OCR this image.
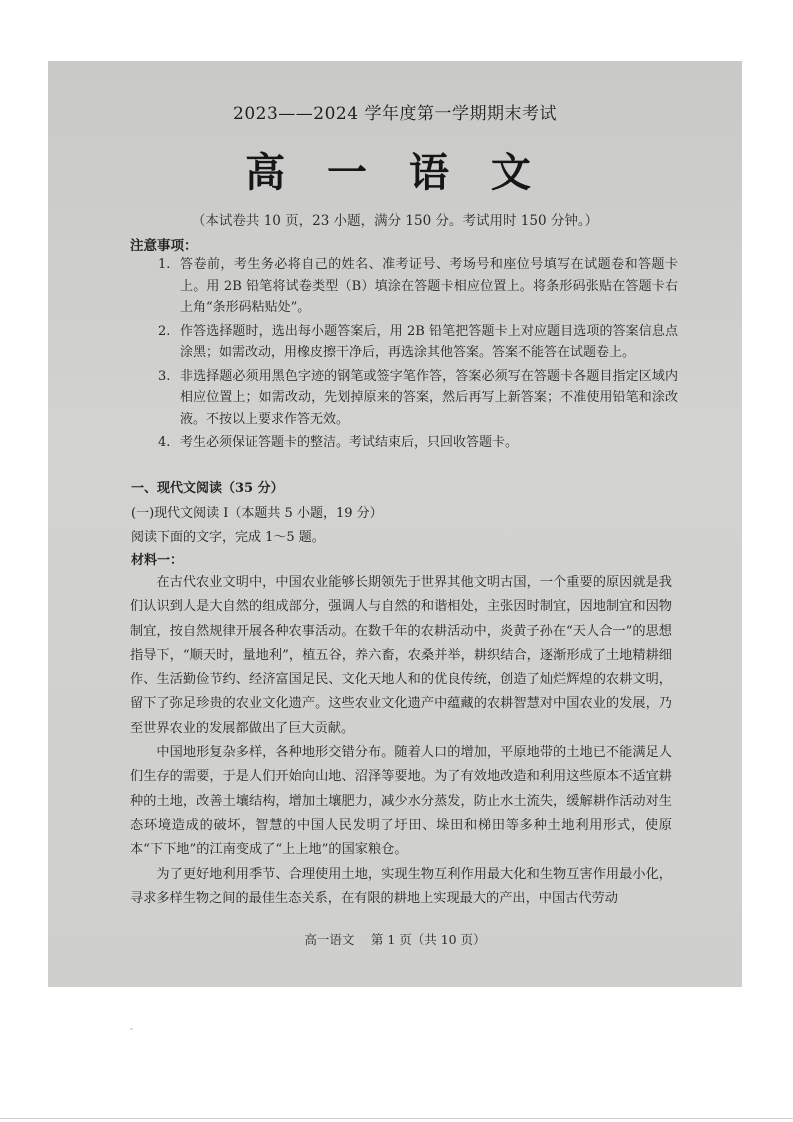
2023——2024 学年度第一学期期末考试
高 一 语 文
（本试卷共 10 页，23 小题，满分 150 分。考试用时 150 分钟。）
注意事项：
1. 答卷前，考生务必将自己的姓名、准考证号、考场号和座位号填写在试题卷和答题卡上。用 2B 铅笔将试卷类型（B）填涂在答题卡相应位置上。将条形码张贴在答题卡右上角“条形码粘贴处”。
2. 作答选择题时，选出每小题答案后，用 2B 铅笔把答题卡上对应题目选项的答案信息点涂黑；如需改动，用橡皮擦干净后，再选涂其他答案。答案不能答在试题卷上。
3. 非选择题必须用黑色字迹的钢笔或签字笔作答，答案必须写在答题卡各题目指定区域内相应位置上；如需改动，先划掉原来的答案，然后再写上新答案；不准使用铅笔和涂改液。不按以上要求作答无效。
4. 考生必须保证答题卡的整洁。考试结束后，只回收答题卡。
一、现代文阅读（35 分）
(一)现代文阅读 I（本题共 5 小题，19 分）
阅读下面的文字，完成 1～5 题。
材料一：

在古代农业文明中，中国农业能够长期领先于世界其他文明古国，一个重要的原因就是我们认识到人是大自然的组成部分，强调人与自然的和谐相处，主张因时制宜，因地制宜和因物制宜，按自然规律开展各种农事活动。在数千年的农耕活动中，炎黄子孙在“天人合一”的思想指导下，“顺天时，量地利”，植五谷，养六畜，农桑并举，耕织结合，逐渐形成了土地精耕细作、生活勤俭节约、经济富国足民、文化天地人和的优良传统，创造了灿烂辉煌的农耕文明，留下了弥足珍贵的农业文化遗产。这些农业文化遗产中蕴藏的农耕智慧对中国农业的发展，乃至世界农业的发展都做出了巨大贡献。

中国地形复杂多样，各种地形交错分布。随着人口的增加，平原地带的土地已不能满足人们生存的需要，于是人们开始向山地、沼泽等要地。为了有效地改造和利用这些原本不适宜耕种的土地，改善土壤结构，增加土壤肥力，减少水分蒸发，防止水土流失，缓解耕作活动对生态环境造成的破坏，智慧的中国人民发明了圩田、垛田和梯田等多种土地利用形式，使原本“下下地”的江南变成了“上上地”的国家粮仓。

为了更好地利用季节、合理使用土地，实现生物互利作用最大化和生物互害作用最小化，寻求多样生物之间的最佳生态关系，在有限的耕地上实现最大的产出，中国古代劳动

高一语文　 第 1 页（共 10 页）
